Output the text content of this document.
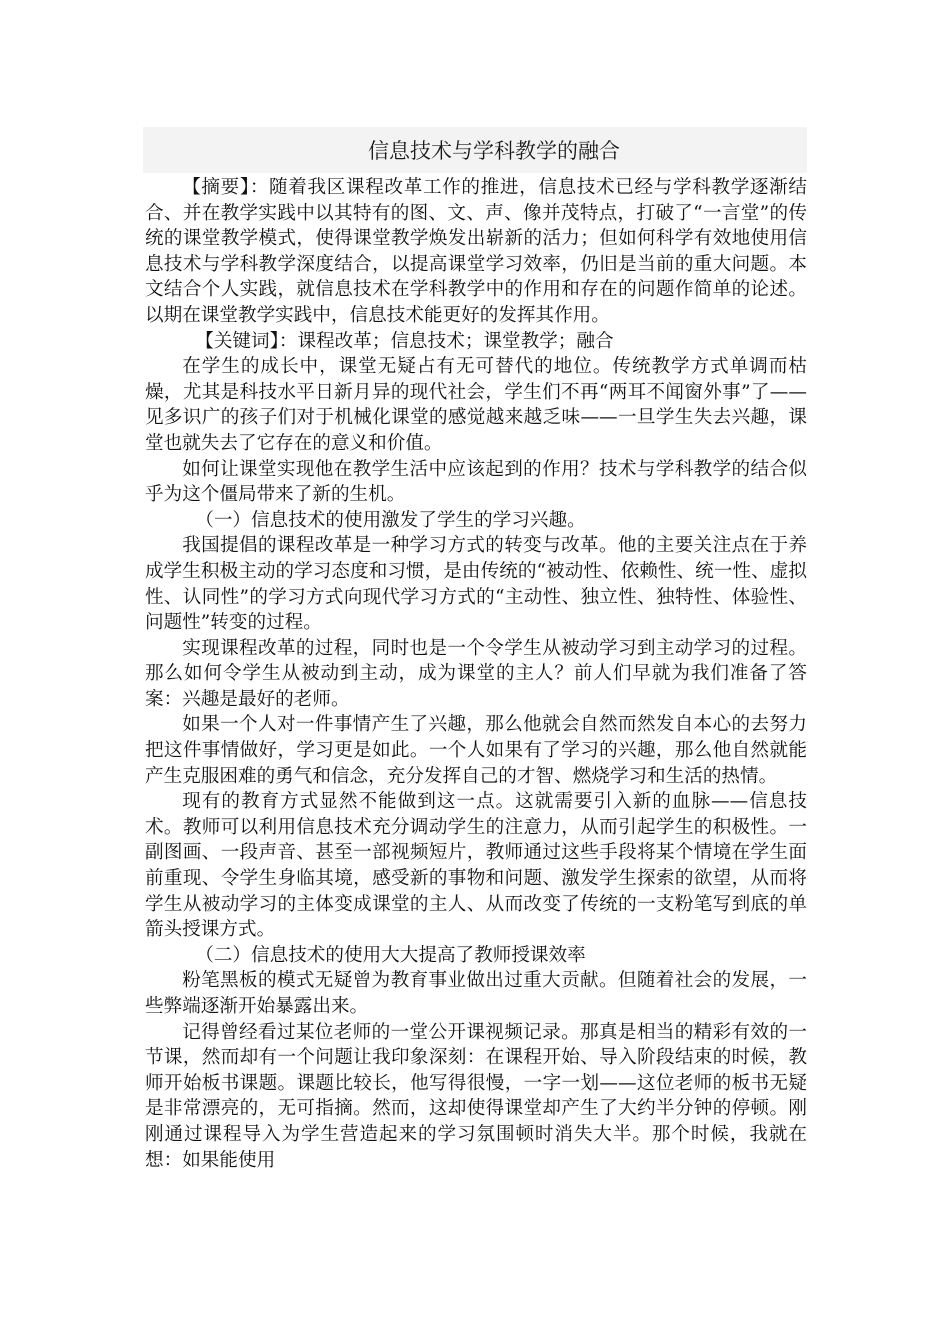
信息技术与学科教学的融合

【摘要】：随着我区课程改革工作的推进，信息技术已经与学科教学逐渐结合、并在教学实践中以其特有的图、文、声、像并茂特点，打破了“一言堂”的传统的课堂教学模式，使得课堂教学焕发出崭新的活力；但如何科学有效地使用信息技术与学科教学深度结合，以提高课堂学习效率，仍旧是当前的重大问题。本文结合个人实践，就信息技术在学科教学中的作用和存在的问题作简单的论述。以期在课堂教学实践中，信息技术能更好的发挥其作用。

【关键词】：课程改革；信息技术；课堂教学；融合

在学生的成长中，课堂无疑占有无可替代的地位。传统教学方式单调而枯燥，尤其是科技水平日新月异的现代社会，学生们不再“两耳不闻窗外事”了——见多识广的孩子们对于机械化课堂的感觉越来越乏味——一旦学生失去兴趣，课堂也就失去了它存在的意义和价值。

如何让课堂实现他在教学生活中应该起到的作用？技术与学科教学的结合似乎为这个僵局带来了新的生机。

（一）信息技术的使用激发了学生的学习兴趣。

我国提倡的课程改革是一种学习方式的转变与改革。他的主要关注点在于养成学生积极主动的学习态度和习惯，是由传统的“被动性、依赖性、统一性、虚拟性、认同性”的学习方式向现代学习方式的“主动性、独立性、独特性、体验性、问题性”转变的过程。

实现课程改革的过程，同时也是一个令学生从被动学习到主动学习的过程。那么如何令学生从被动到主动，成为课堂的主人？前人们早就为我们准备了答案：兴趣是最好的老师。

如果一个人对一件事情产生了兴趣，那么他就会自然而然发自本心的去努力把这件事情做好，学习更是如此。一个人如果有了学习的兴趣，那么他自然就能产生克服困难的勇气和信念，充分发挥自己的才智、燃烧学习和生活的热情。

现有的教育方式显然不能做到这一点。这就需要引入新的血脉——信息技术。教师可以利用信息技术充分调动学生的注意力，从而引起学生的积极性。一副图画、一段声音、甚至一部视频短片，教师通过这些手段将某个情境在学生面前重现、令学生身临其境，感受新的事物和问题、激发学生探索的欲望，从而将学生从被动学习的主体变成课堂的主人、从而改变了传统的一支粉笔写到底的单箭头授课方式。

（二）信息技术的使用大大提高了教师授课效率

粉笔黑板的模式无疑曾为教育事业做出过重大贡献。但随着社会的发展，一些弊端逐渐开始暴露出来。

记得曾经看过某位老师的一堂公开课视频记录。那真是相当的精彩有效的一节课，然而却有一个问题让我印象深刻：在课程开始、导入阶段结束的时候，教师开始板书课题。课题比较长，他写得很慢，一字一划——这位老师的板书无疑是非常漂亮的，无可指摘。然而，这却使得课堂却产生了大约半分钟的停顿。刚刚通过课程导入为学生营造起来的学习氛围顿时消失大半。那个时候，我就在想：如果能使用
